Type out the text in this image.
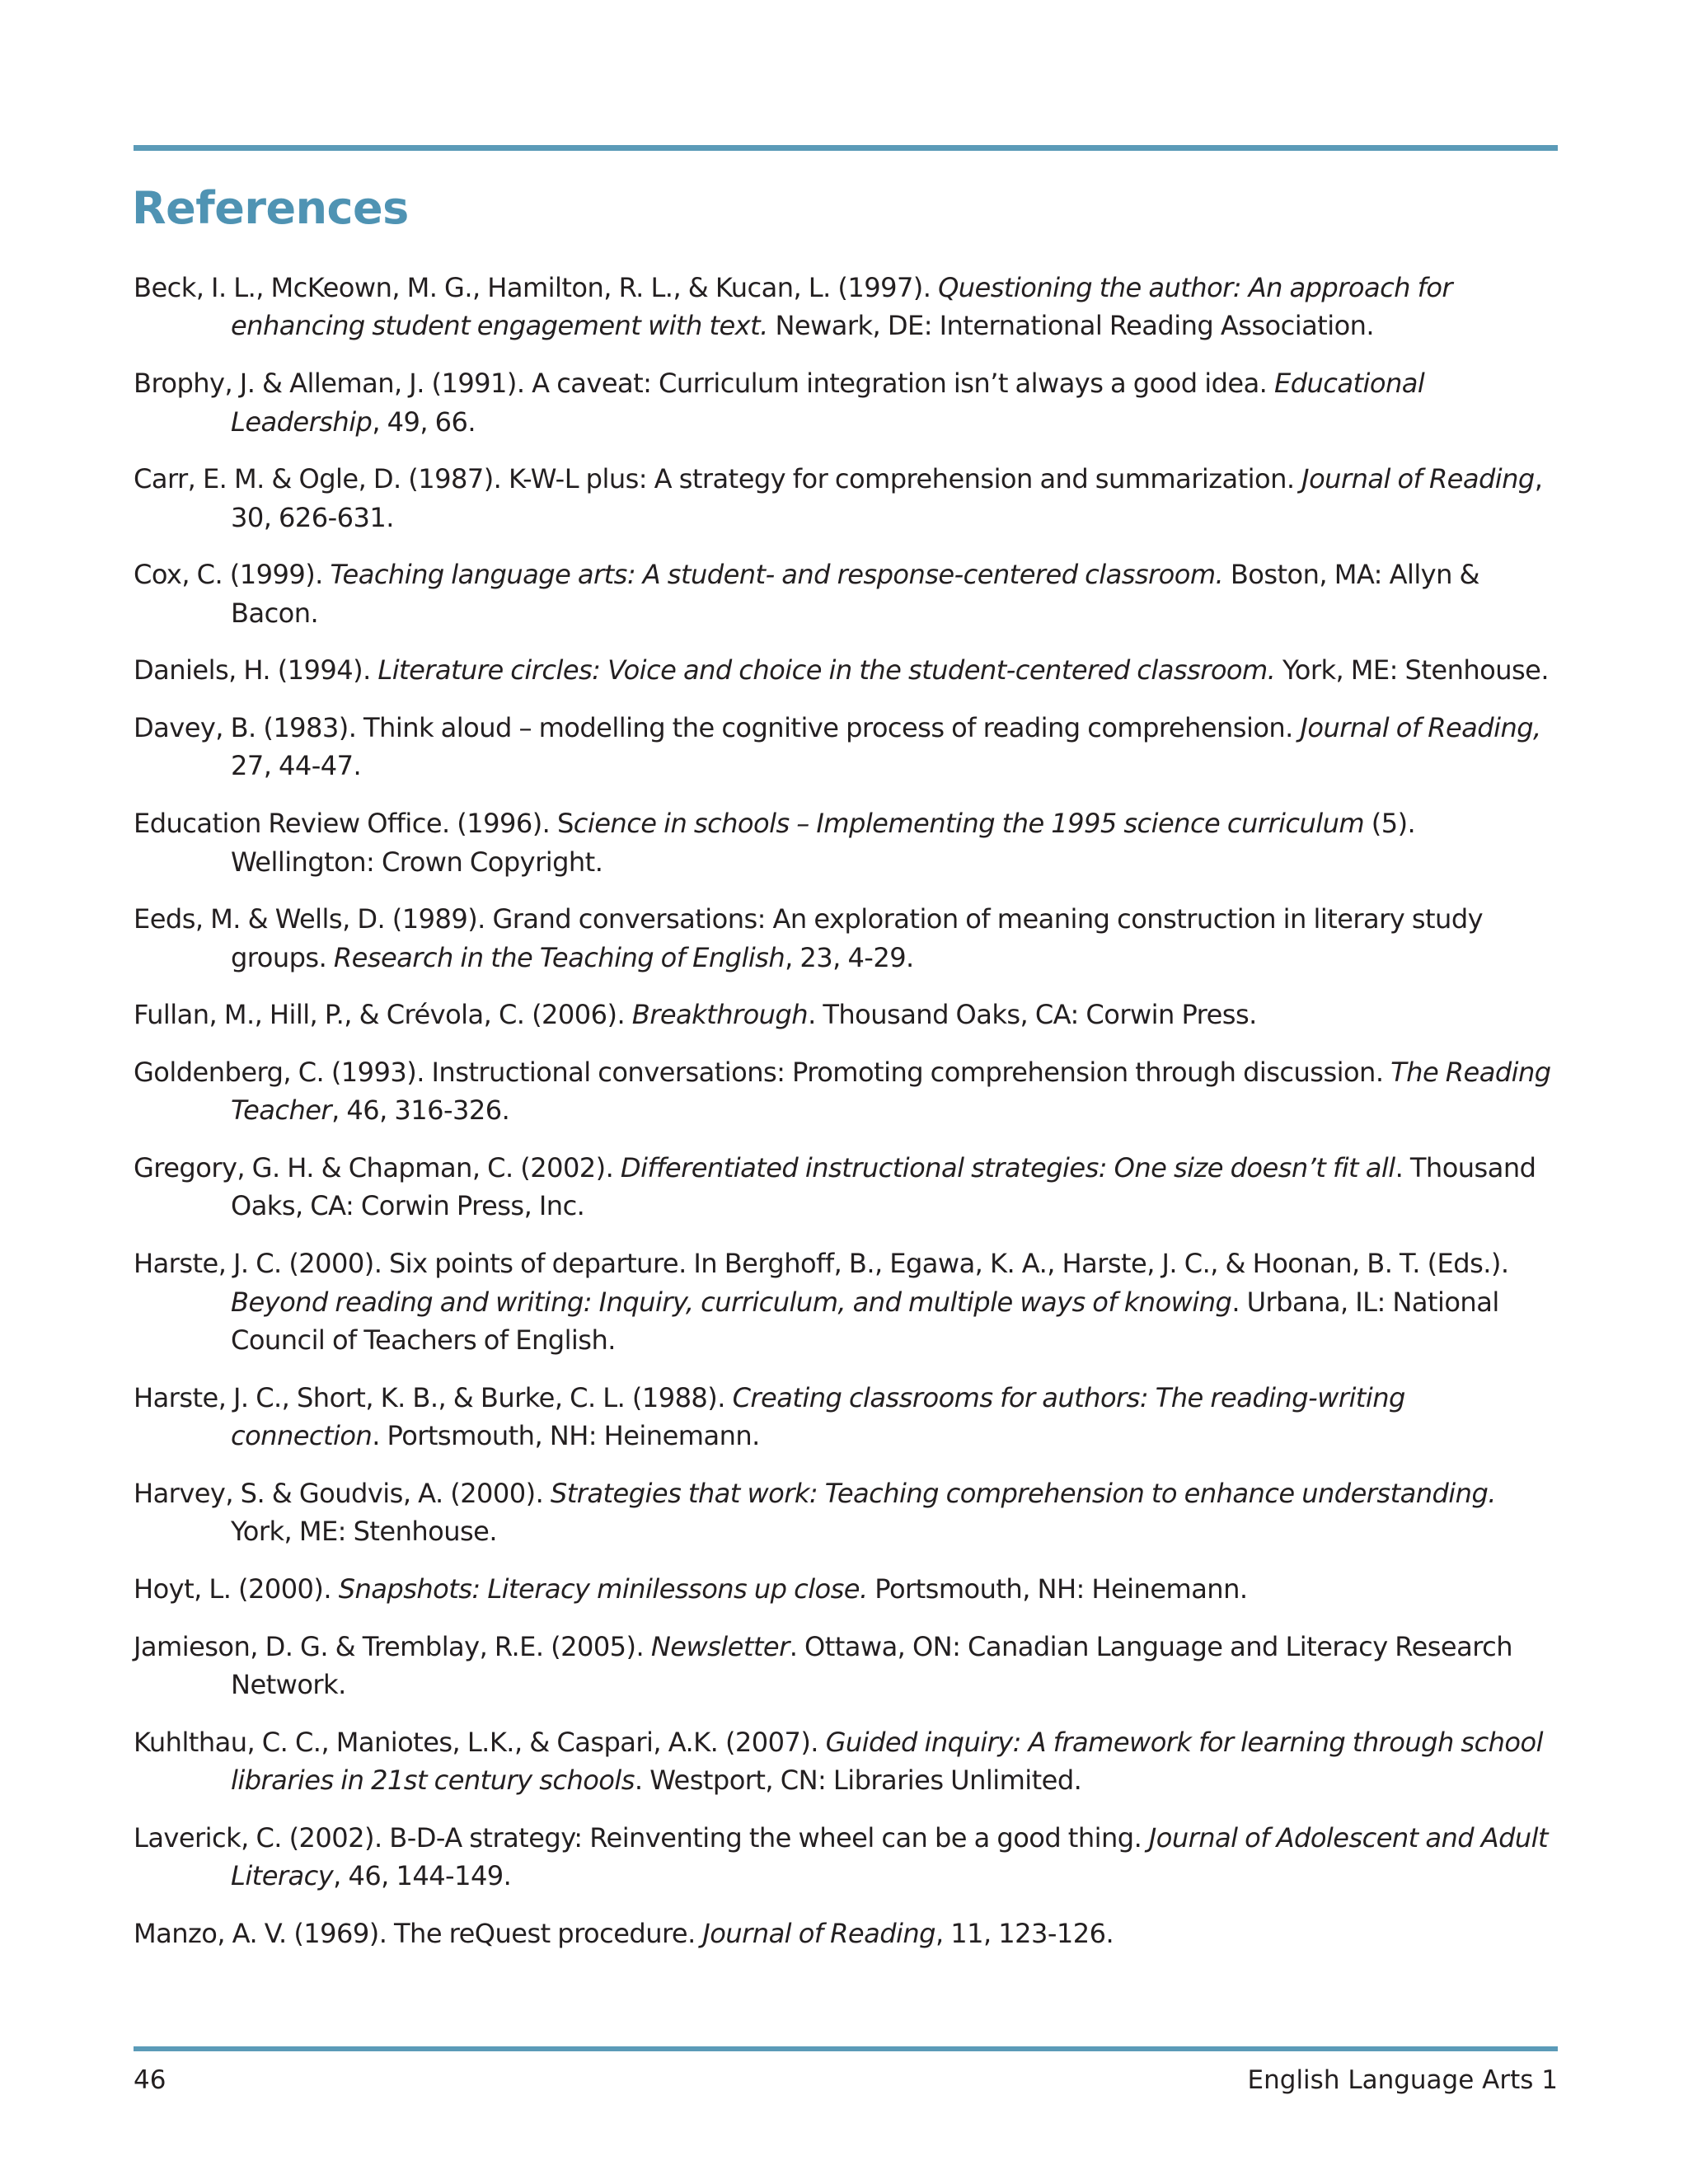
References
Beck, I. L., McKeown, M. G., Hamilton, R. L., & Kucan, L. (1997). Questioning the author: An approach for enhancing student engagement with text. Newark, DE: International Reading Association.
Brophy, J. & Alleman, J. (1991). A caveat: Curriculum integration isn’t always a good idea. Educational Leadership, 49, 66.
Carr, E. M. & Ogle, D. (1987). K-W-L plus: A strategy for comprehension and summarization. Journal of Reading, 30, 626-631.
Cox, C. (1999). Teaching language arts: A student- and response-centered classroom. Boston, MA: Allyn & Bacon.
Daniels, H. (1994). Literature circles: Voice and choice in the student-centered classroom. York, ME: Stenhouse.
Davey, B. (1983). Think aloud – modelling the cognitive process of reading comprehension. Journal of Reading, 27, 44-47.
Education Review Office. (1996). Science in schools – Implementing the 1995 science curriculum (5). Wellington: Crown Copyright.
Eeds, M. & Wells, D. (1989). Grand conversations: An exploration of meaning construction in literary study groups. Research in the Teaching of English, 23, 4-29.
Fullan, M., Hill, P., & Crévola, C. (2006). Breakthrough. Thousand Oaks, CA: Corwin Press.
Goldenberg, C. (1993). Instructional conversations: Promoting comprehension through discussion. The Reading Teacher, 46, 316-326.
Gregory, G. H. & Chapman, C. (2002). Differentiated instructional strategies: One size doesn’t fit all. Thousand Oaks, CA: Corwin Press, Inc.
Harste, J. C. (2000). Six points of departure. In Berghoff, B., Egawa, K. A., Harste, J. C., & Hoonan, B. T. (Eds.). Beyond reading and writing: Inquiry, curriculum, and multiple ways of knowing. Urbana, IL: National Council of Teachers of English.
Harste, J. C., Short, K. B., & Burke, C. L. (1988). Creating classrooms for authors: The reading-writing connection. Portsmouth, NH: Heinemann.
Harvey, S. & Goudvis, A. (2000). Strategies that work: Teaching comprehension to enhance understanding. York, ME: Stenhouse.
Hoyt, L. (2000). Snapshots: Literacy minilessons up close. Portsmouth, NH: Heinemann.
Jamieson, D. G. & Tremblay, R.E. (2005). Newsletter. Ottawa, ON: Canadian Language and Literacy Research Network.
Kuhlthau, C. C., Maniotes, L.K., & Caspari, A.K. (2007). Guided inquiry: A framework for learning through school libraries in 21st century schools. Westport, CN: Libraries Unlimited.
Laverick, C. (2002). B-D-A strategy: Reinventing the wheel can be a good thing. Journal of Adolescent and Adult Literacy, 46, 144-149.
Manzo, A. V. (1969). The reQuest procedure. Journal of Reading, 11, 123-126.
46	English Language Arts 1
